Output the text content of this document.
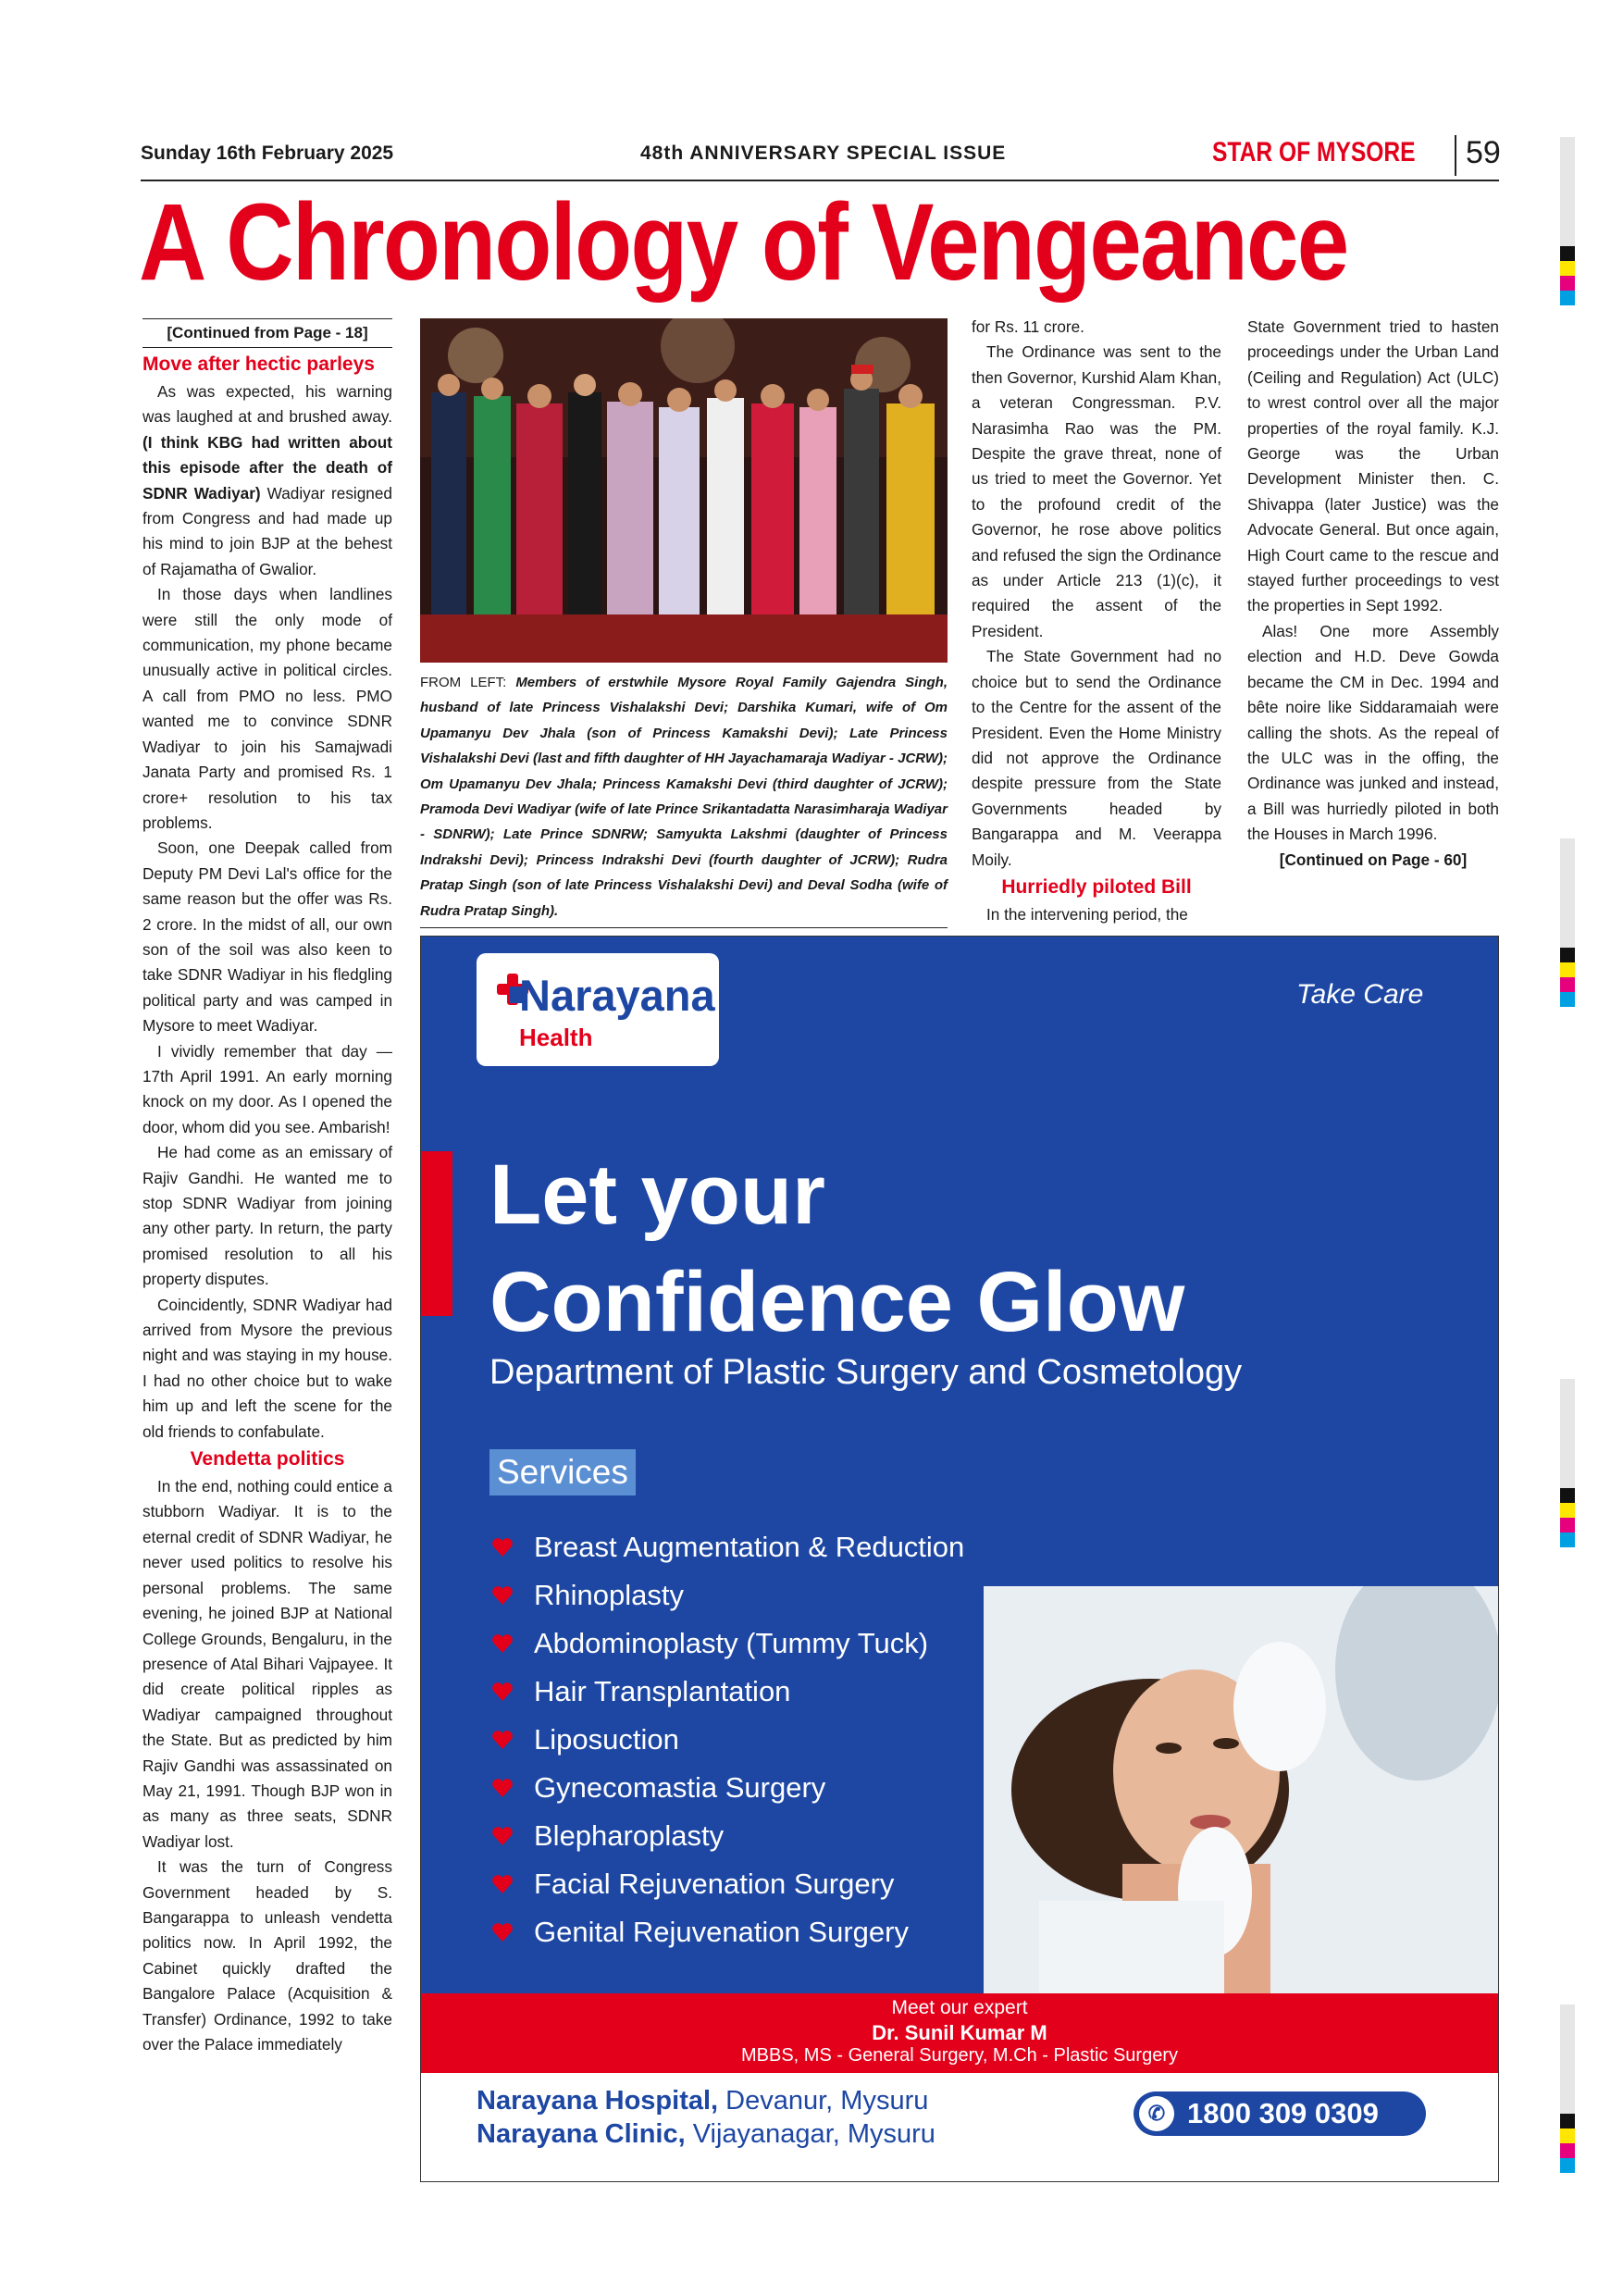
Sunday 16th February 2025	48th ANNIVERSARY SPECIAL ISSUE	STAR OF MYSORE	59
A Chronology of Vengeance
[Continued from Page - 18]
Move after hectic parleys

As was expected, his warning was laughed at and brushed away. (I think KBG had written about this episode after the death of SDNR Wadiyar) Wadiyar resigned from Congress and had made up his mind to join BJP at the behest of Rajamatha of Gwalior.

In those days when landlines were still the only mode of communication, my phone became unusually active in political circles. A call from PMO no less. PMO wanted me to convince SDNR Wadiyar to join his Samajwadi Janata Party and promised Rs. 1 crore+ resolution to his tax problems.

Soon, one Deepak called from Deputy PM Devi Lal's office for the same reason but the offer was Rs. 2 crore. In the midst of all, our own son of the soil was also keen to take SDNR Wadiyar in his fledgling political party and was camped in Mysore to meet Wadiyar.

I vividly remember that day — 17th April 1991. An early morning knock on my door. As I opened the door, whom did you see. Ambarish!

He had come as an emissary of Rajiv Gandhi. He wanted me to stop SDNR Wadiyar from joining any other party. In return, the party promised resolution to all his property disputes.

Coincidently, SDNR Wadiyar had arrived from Mysore the previous night and was staying in my house. I had no other choice but to wake him up and left the scene for the old friends to confabulate.

Vendetta politics

In the end, nothing could entice a stubborn Wadiyar. It is to the eternal credit of SDNR Wadiyar, he never used politics to resolve his personal problems. The same evening, he joined BJP at National College Grounds, Bengaluru, in the presence of Atal Bihari Vajpayee. It did create political ripples as Wadiyar campaigned throughout the State. But as predicted by him Rajiv Gandhi was assassinated on May 21, 1991. Though BJP won in as many as three seats, SDNR Wadiyar lost.

It was the turn of Congress Government headed by S. Bangarappa to unleash vendetta politics now. In April 1992, the Cabinet quickly drafted the Bangalore Palace (Acquisition & Transfer) Ordinance, 1992 to take over the Palace immediately

FROM LEFT: Members of erstwhile Mysore Royal Family Gajendra Singh, husband of late Princess Vishalakshi Devi; Darshika Kumari, wife of Om Upamanyu Dev Jhala (son of Princess Kamakshi Devi); Late Princess Vishalakshi Devi (last and fifth daughter of HH Jayachamaraja Wadiyar - JCRW); Om Upamanyu Dev Jhala; Princess Kamakshi Devi (third daughter of JCRW); Pramoda Devi Wadiyar (wife of late Prince Srikantadatta Narasimharaja Wadiyar - SDNRW); Late Prince SDNRW; Samyukta Lakshmi (daughter of Princess Indrakshi Devi); Princess Indrakshi Devi (fourth daughter of JCRW); Rudra Pratap Singh (son of late Princess Vishalakshi Devi) and Deval Sodha (wife of Rudra Pratap Singh).

for Rs. 11 crore.

The Ordinance was sent to the then Governor, Kurshid Alam Khan, a veteran Congressman. P.V. Narasimha Rao was the PM. Despite the grave threat, none of us tried to meet the Governor. Yet to the profound credit of the Governor, he rose above politics and refused the sign the Ordinance as under Article 213 (1)(c), it required the assent of the President.

The State Government had no choice but to send the Ordinance to the Centre for the assent of the President. Even the Home Ministry did not approve the Ordinance despite pressure from the State Governments headed by Bangarappa and M. Veerappa Moily.

Hurriedly piloted Bill

In the intervening period, the

State Government tried to hasten proceedings under the Urban Land (Ceiling and Regulation) Act (ULC) to wrest control over all the major properties of the royal family. K.J. George was the Urban Development Minister then. C. Shivappa (later Justice) was the Advocate General. But once again, High Court came to the rescue and stayed further proceedings to vest the properties in Sept 1992.

Alas! One more Assembly election and H.D. Deve Gowda became the CM in Dec. 1994 and bête noire like Siddaramaiah were calling the shots. As the repeal of the ULC was in the offing, the Ordinance was junked and instead, a Bill was hurriedly piloted in both the Houses in March 1996.

[Continued on Page - 60]

Narayana
Health
Take Care
Let your
Confidence Glow
Department of Plastic Surgery and Cosmetology
Services
Breast Augmentation & Reduction
Rhinoplasty
Abdominoplasty (Tummy Tuck)
Hair Transplantation
Liposuction
Gynecomastia Surgery
Blepharoplasty
Facial Rejuvenation Surgery
Genital Rejuvenation Surgery
Meet our expert
Dr. Sunil Kumar M
MBBS, MS - General Surgery, M.Ch - Plastic Surgery
Narayana Hospital, Devanur, Mysuru
Narayana Clinic, Vijayanagar, Mysuru
✆ 1800 309 0309
